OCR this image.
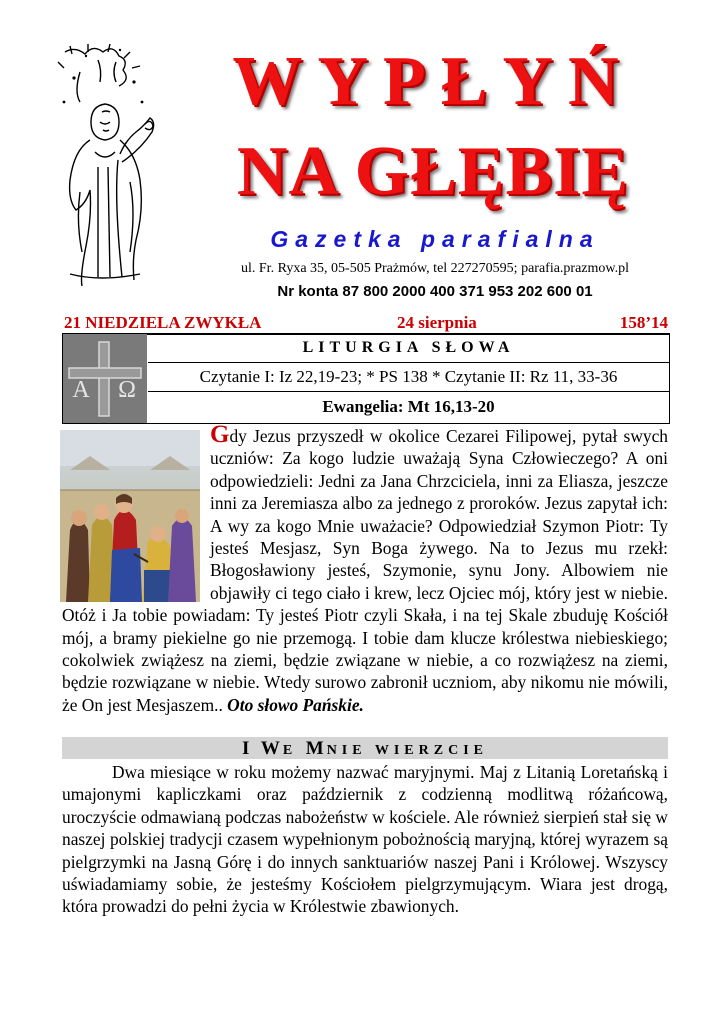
WYPŁYŃ
NA GŁĘBIĘ
Gazetka parafialna
ul. Fr. Ryxa 35, 05-505 Prażmów, tel 227270595; parafia.prazmow.pl
Nr konta 87 800 2000 400 371 953 202 600 01
21 NIEDZIELA ZWYKŁA	24 sierpnia	158’14
A Ω
LITURGIA SŁOWA
Czytanie I: Iz 22,19-23; * PS 138 * Czytanie II: Rz 11, 33-36
Ewangelia: Mt 16,13-20
Gdy Jezus przyszedł w okolice Cezarei Filipowej, pytał swych uczniów: Za kogo ludzie uważają Syna Człowieczego? A oni odpowiedzieli: Jedni za Jana Chrzciciela, inni za Eliasza, jeszcze inni za Jeremiasza albo za jednego z proroków. Jezus zapytał ich: A wy za kogo Mnie uważacie? Odpowiedział Szymon Piotr: Ty jesteś Mesjasz, Syn Boga żywego. Na to Jezus mu rzekł: Błogosławiony jesteś, Szymonie, synu Jony. Albowiem nie objawiły ci tego ciało i krew, lecz Ojciec mój, który jest w niebie. Otóż i Ja tobie powiadam: Ty jesteś Piotr czyli Skała, i na tej Skale zbuduję Kościół mój, a bramy piekielne go nie przemogą. I tobie dam klucze królestwa niebieskiego; cokolwiek zwiążesz na ziemi, będzie związane w niebie, a co rozwiążesz na ziemi, będzie rozwiązane w niebie. Wtedy surowo zabronił uczniom, aby nikomu nie mówili, że On jest Mesjaszem.. Oto słowo Pańskie.
I WE MNIE WIERZCIE
Dwa miesiące w roku możemy nazwać maryjnymi. Maj z Litanią Loretańską i umajonymi kapliczkami oraz październik z codzienną modlitwą różańcową, uroczyście odmawianą podczas nabożeństw w kościele. Ale również sierpień stał się w naszej polskiej tradycji czasem wypełnionym pobożnością maryjną, której wyrazem są pielgrzymki na Jasną Górę i do innych sanktuariów naszej Pani i Królowej. Wszyscy uświadamiamy sobie, że jesteśmy Kościołem pielgrzymującym. Wiara jest drogą, która prowadzi do pełni życia w Królestwie zbawionych.
